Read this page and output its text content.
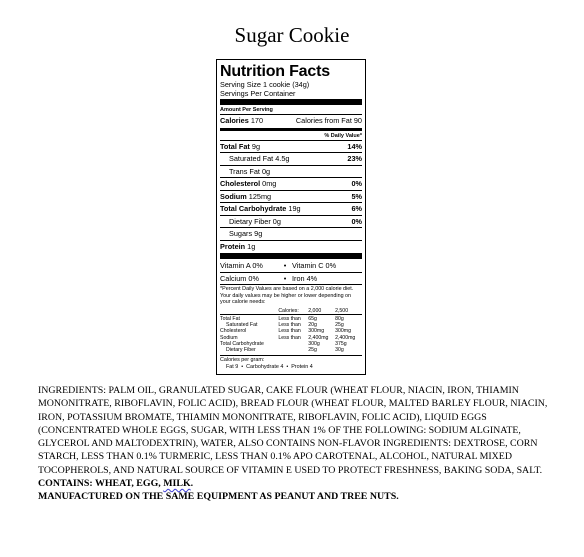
Sugar Cookie
Nutrition Facts
Serving Size 1 cookie (34g)
Servings Per Container
Amount Per Serving
Calories 170	Calories from Fat 90
% Daily Value*
Total Fat 9g	14%
Saturated Fat 4.5g	23%
Trans Fat 0g
Cholesterol 0mg	0%
Sodium 125mg	5%
Total Carbohydrate 19g	6%
Dietary Fiber 0g	0%
Sugars 9g
Protein 1g
Vitamin A 0%	• Vitamin C 0%
Calcium 0%	• Iron 4%
*Percent Daily Values are based on a 2,000 calorie diet. Your daily values may be higher or lower depending on your calorie needs:
	Calories:	2,000	2,500
Total Fat	Less than	65g	80g
Saturated Fat	Less than	20g	25g
Cholesterol	Less than	300mg	300mg
Sodium	Less than	2,400mg	2,400mg
Total Carbohydrate		300g	375g
Dietary Fiber		25g	30g
Calories per gram:
Fat 9  •  Carbohydrate 4  •  Protein 4

INGREDIENTS: PALM OIL, GRANULATED SUGAR, CAKE FLOUR (WHEAT FLOUR, NIACIN, IRON, THIAMIN MONONITRATE, RIBOFLAVIN, FOLIC ACID), BREAD FLOUR (WHEAT FLOUR, MALTED BARLEY FLOUR, NIACIN, IRON, POTASSIUM BROMATE, THIAMIN MONONITRATE, RIBOFLAVIN, FOLIC ACID), LIQUID EGGS (CONCENTRATED WHOLE EGGS, SUGAR, WITH LESS THAN 1% OF THE FOLLOWING: SODIUM ALGINATE, GLYCEROL AND MALTODEXTRIN), WATER, ALSO CONTAINS NON-FLAVOR INGREDIENTS: DEXTROSE, CORN STARCH, LESS THAN 0.1% TURMERIC, LESS THAN 0.1% APO CAROTENAL, ALCOHOL, NATURAL MIXED TOCOPHEROLS, AND NATURAL SOURCE OF VITAMIN E USED TO PROTECT FRESHNESS, BAKING SODA, SALT.

CONTAINS: WHEAT, EGG, MILK.

MANUFACTURED ON THE SAME EQUIPMENT AS PEANUT AND TREE NUTS.
